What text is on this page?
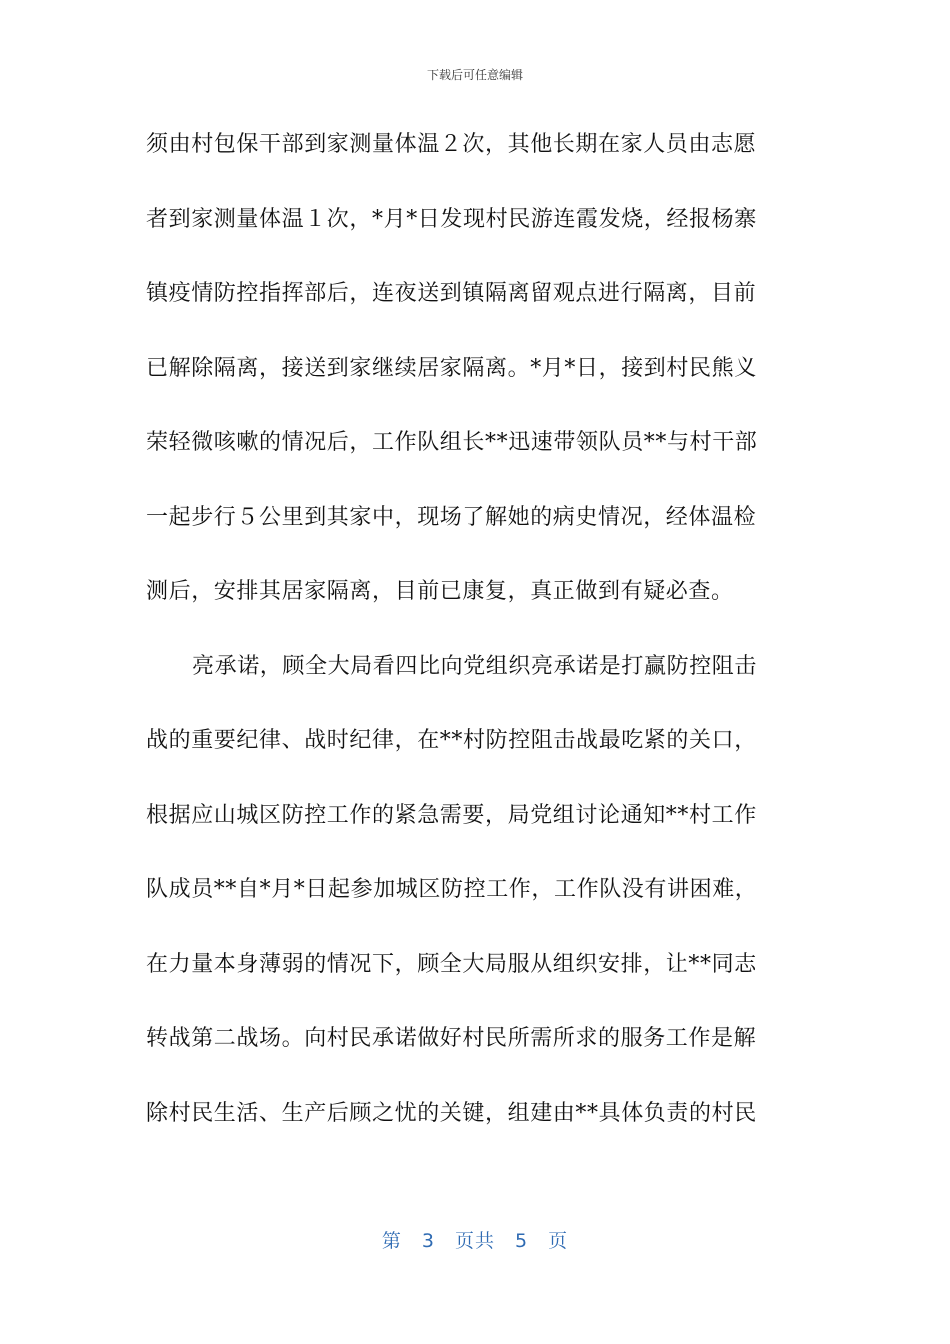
下载后可任意编辑
须由村包保干部到家测量体温２次，其他长期在家人员由志愿
者到家测量体温１次，*月*日发现村民游连霞发烧，经报杨寨
镇疫情防控指挥部后，连夜送到镇隔离留观点进行隔离，目前
已解除隔离，接送到家继续居家隔离。*月*日，接到村民熊义
荣轻微咳嗽的情况后，工作队组长**迅速带领队员**与村干部
一起步行５公里到其家中，现场了解她的病史情况，经体温检
测后，安排其居家隔离，目前已康复，真正做到有疑必查。
亮承诺，顾全大局看四比向党组织亮承诺是打赢防控阻击
战的重要纪律、战时纪律，在**村防控阻击战最吃紧的关口，
根据应山城区防控工作的紧急需要，局党组讨论通知**村工作
队成员**自*月*日起参加城区防控工作，工作队没有讲困难，
在力量本身薄弱的情况下，顾全大局服从组织安排，让**同志
转战第二战场。向村民承诺做好村民所需所求的服务工作是解
除村民生活、生产后顾之忧的关键，组建由**具体负责的村民
第 3 页共 5 页
